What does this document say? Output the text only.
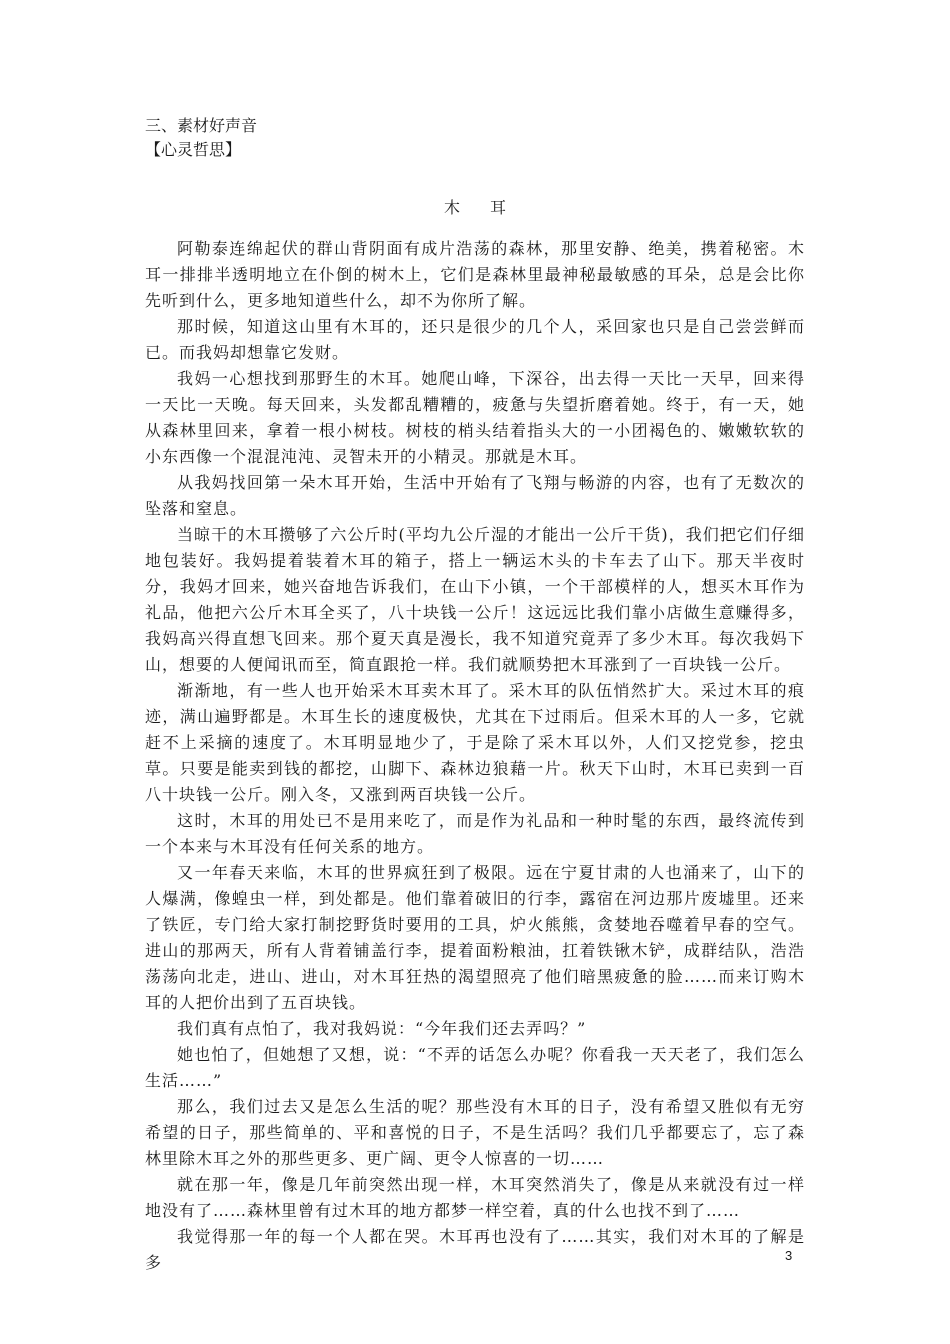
三、素材好声音

【心灵哲思】

木耳

阿勒泰连绵起伏的群山背阴面有成片浩荡的森林，那里安静、绝美，携着秘密。木耳一排排半透明地立在仆倒的树木上，它们是森林里最神秘最敏感的耳朵，总是会比你先听到什么，更多地知道些什么，却不为你所了解。

那时候，知道这山里有木耳的，还只是很少的几个人，采回家也只是自己尝尝鲜而已。而我妈却想靠它发财。

我妈一心想找到那野生的木耳。她爬山峰，下深谷，出去得一天比一天早，回来得一天比一天晚。每天回来，头发都乱糟糟的，疲惫与失望折磨着她。终于，有一天，她从森林里回来，拿着一根小树枝。树枝的梢头结着指头大的一小团褐色的、嫩嫩软软的小东西像一个混混沌沌、灵智未开的小精灵。那就是木耳。

从我妈找回第一朵木耳开始，生活中开始有了飞翔与畅游的内容，也有了无数次的坠落和窒息。

当晾干的木耳攒够了六公斤时(平均九公斤湿的才能出一公斤干货)，我们把它们仔细地包装好。我妈提着装着木耳的箱子，搭上一辆运木头的卡车去了山下。那天半夜时分，我妈才回来，她兴奋地告诉我们，在山下小镇，一个干部模样的人，想买木耳作为礼品，他把六公斤木耳全买了，八十块钱一公斤！这远远比我们靠小店做生意赚得多，我妈高兴得直想飞回来。那个夏天真是漫长，我不知道究竟弄了多少木耳。每次我妈下山，想要的人便闻讯而至，简直跟抢一样。我们就顺势把木耳涨到了一百块钱一公斤。

渐渐地，有一些人也开始采木耳卖木耳了。采木耳的队伍悄然扩大。采过木耳的痕迹，满山遍野都是。木耳生长的速度极快，尤其在下过雨后。但采木耳的人一多，它就赶不上采摘的速度了。木耳明显地少了，于是除了采木耳以外，人们又挖党参，挖虫草。只要是能卖到钱的都挖，山脚下、森林边狼藉一片。秋天下山时，木耳已卖到一百八十块钱一公斤。刚入冬，又涨到两百块钱一公斤。

这时，木耳的用处已不是用来吃了，而是作为礼品和一种时髦的东西，最终流传到一个本来与木耳没有任何关系的地方。

又一年春天来临，木耳的世界疯狂到了极限。远在宁夏甘肃的人也涌来了，山下的人爆满，像蝗虫一样，到处都是。他们靠着破旧的行李，露宿在河边那片废墟里。还来了铁匠，专门给大家打制挖野货时要用的工具，炉火熊熊，贪婪地吞噬着早春的空气。进山的那两天，所有人背着铺盖行李，提着面粉粮油，扛着铁锹木铲，成群结队，浩浩荡荡向北走，进山、进山，对木耳狂热的渴望照亮了他们暗黑疲惫的脸……而来订购木耳的人把价出到了五百块钱。

我们真有点怕了，我对我妈说：“今年我们还去弄吗？”

她也怕了，但她想了又想，说：“不弄的话怎么办呢？你看我一天天老了，我们怎么生活……”

那么，我们过去又是怎么生活的呢？那些没有木耳的日子，没有希望又胜似有无穷希望的日子，那些简单的、平和喜悦的日子，不是生活吗？我们几乎都要忘了，忘了森林里除木耳之外的那些更多、更广阔、更令人惊喜的一切……

就在那一年，像是几年前突然出现一样，木耳突然消失了，像是从来就没有过一样地没有了……森林里曾有过木耳的地方都梦一样空着，真的什么也找不到了……

我觉得那一年的每一个人都在哭。木耳再也没有了……其实，我们对木耳的了解是多	3
